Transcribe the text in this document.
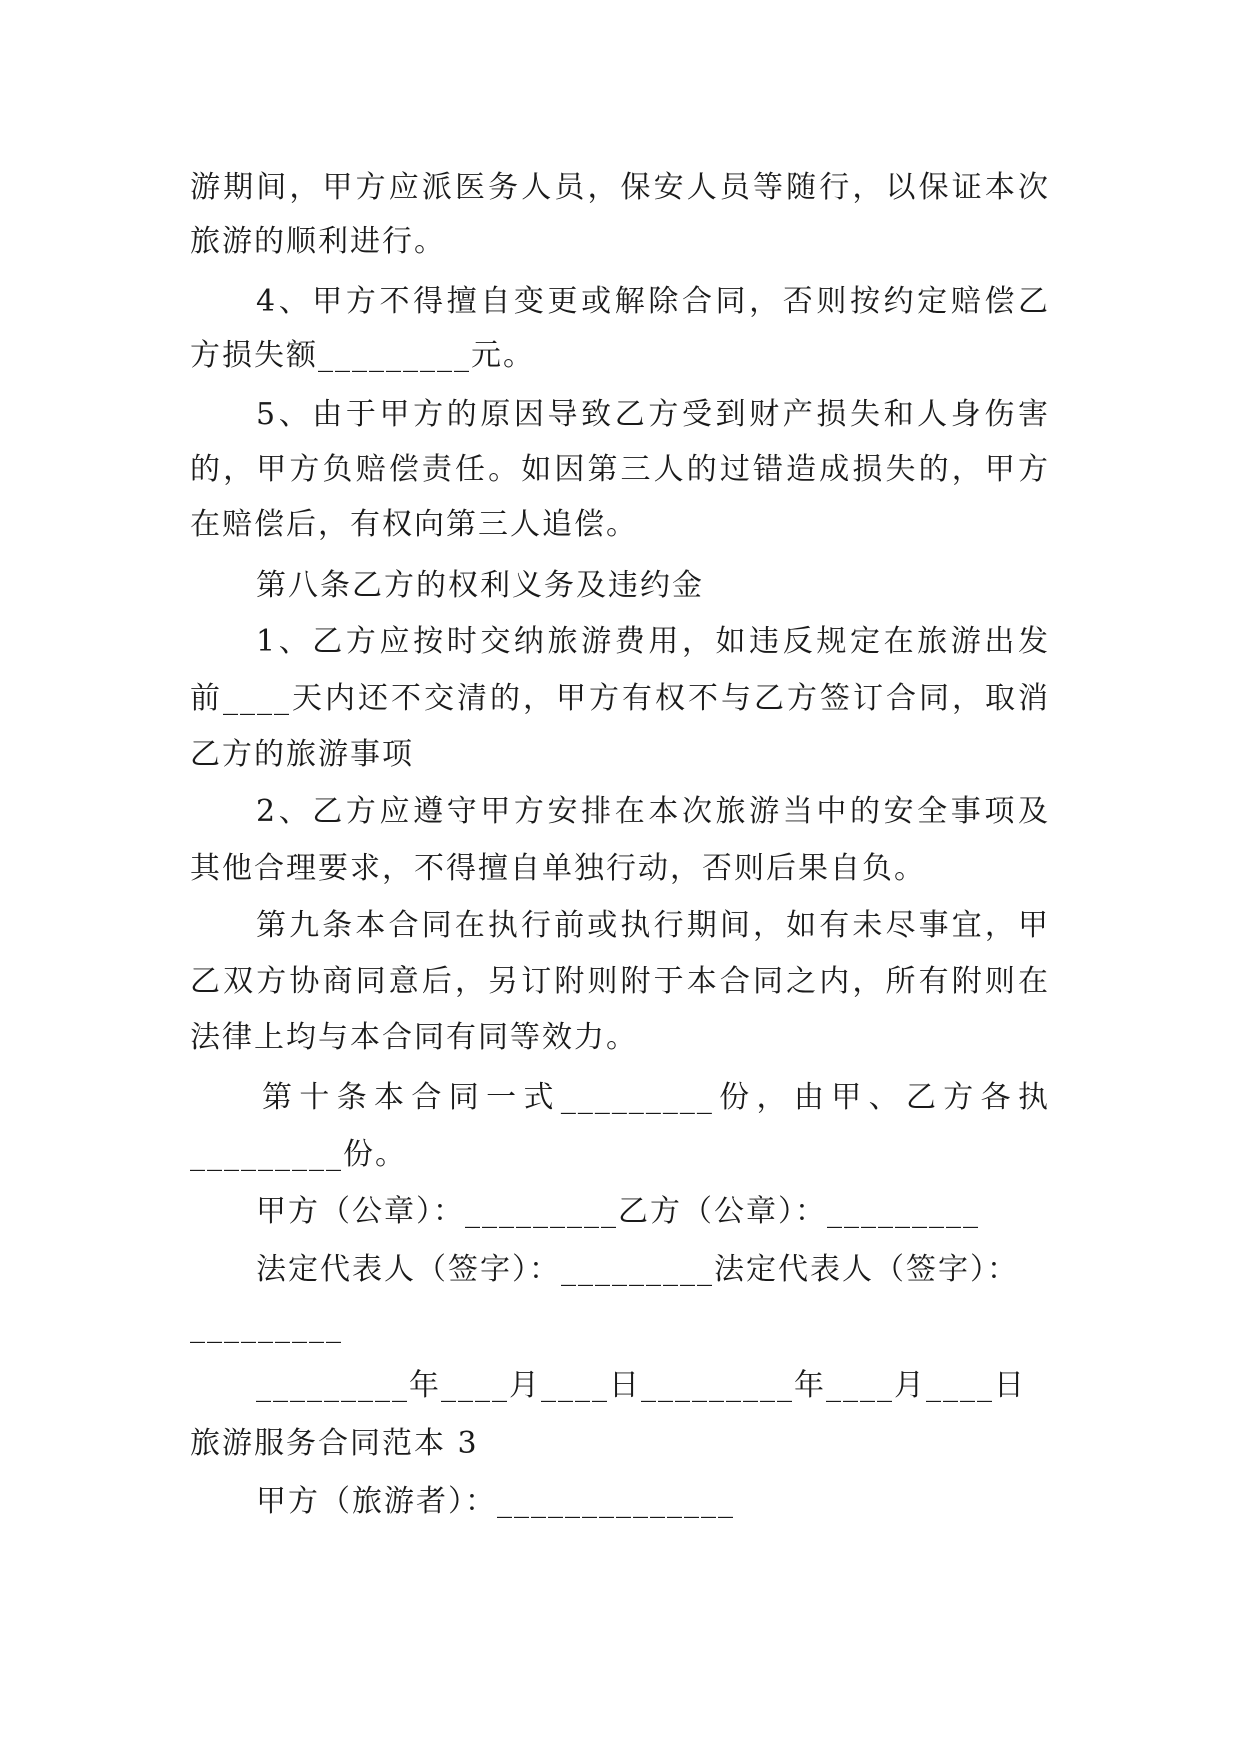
游期间，甲方应派医务人员，保安人员等随行，以保证本次
旅游的顺利进行。
4、甲方不得擅自变更或解除合同，否则按约定赔偿乙
方损失额_________元。
5、由于甲方的原因导致乙方受到财产损失和人身伤害
的，甲方负赔偿责任。如因第三人的过错造成损失的，甲方
在赔偿后，有权向第三人追偿。
第八条乙方的权利义务及违约金
1、乙方应按时交纳旅游费用，如违反规定在旅游出发
前____天内还不交清的，甲方有权不与乙方签订合同，取消
乙方的旅游事项
2、乙方应遵守甲方安排在本次旅游当中的安全事项及
其他合理要求，不得擅自单独行动，否则后果自负。
第九条本合同在执行前或执行期间，如有未尽事宜，甲
乙双方协商同意后，另订附则附于本合同之内，所有附则在
法律上均与本合同有同等效力。
第十条本合同一式_________份，由甲、乙方各执
_________份。
甲方（公章）：_________乙方（公章）：_________
法定代表人（签字）：_________法定代表人（签字）：
_________
_________年____月____日_________年____月____日
旅游服务合同范本 3
甲方（旅游者）：______________
